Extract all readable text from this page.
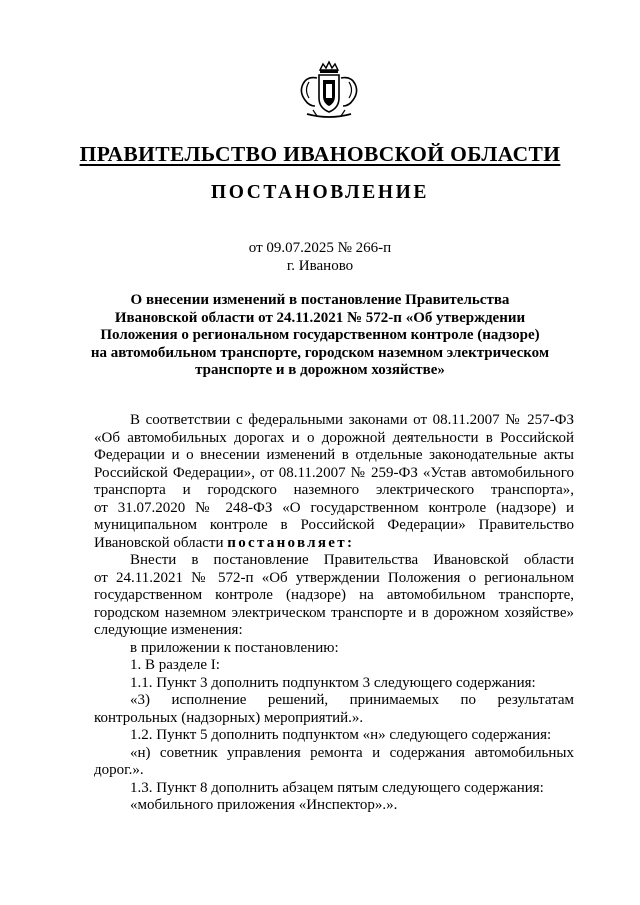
ПРАВИТЕЛЬСТВО ИВАНОВСКОЙ ОБЛАСТИ
ПОСТАНОВЛЕНИЕ
от 09.07.2025 № 266-п
г. Иваново
О внесении изменений в постановление Правительства
Ивановской области от 24.11.2021 № 572-п «Об утверждении
Положения о региональном государственном контроле (надзоре)
на автомобильном транспорте, городском наземном электрическом
транспорте и в дорожном хозяйстве»
В соответствии с федеральными законами от 08.11.2007 № 257-ФЗ
«Об автомобильных дорогах и о дорожной деятельности в Российской
Федерации и о внесении изменений в отдельные законодательные акты
Российской Федерации», от 08.11.2007 № 259-ФЗ «Устав автомобильного
транспорта и городского наземного электрического транспорта»,
от 31.07.2020 № 248-ФЗ «О государственном контроле (надзоре) и
муниципальном контроле в Российской Федерации» Правительство
Ивановской области постановляет:
Внести в постановление Правительства Ивановской области
от 24.11.2021 № 572-п «Об утверждении Положения о региональном
государственном контроле (надзоре) на автомобильном транспорте,
городском наземном электрическом транспорте и в дорожном хозяйстве»
следующие изменения:
в приложении к постановлению:
1. В разделе I:
1.1. Пункт 3 дополнить подпунктом 3 следующего содержания:
«3) исполнение решений, принимаемых по результатам
контрольных (надзорных) мероприятий.».
1.2. Пункт 5 дополнить подпунктом «н» следующего содержания:
«н) советник управления ремонта и содержания автомобильных
дорог.».
1.3. Пункт 8 дополнить абзацем пятым следующего содержания:
«мобильного приложения «Инспектор».».
